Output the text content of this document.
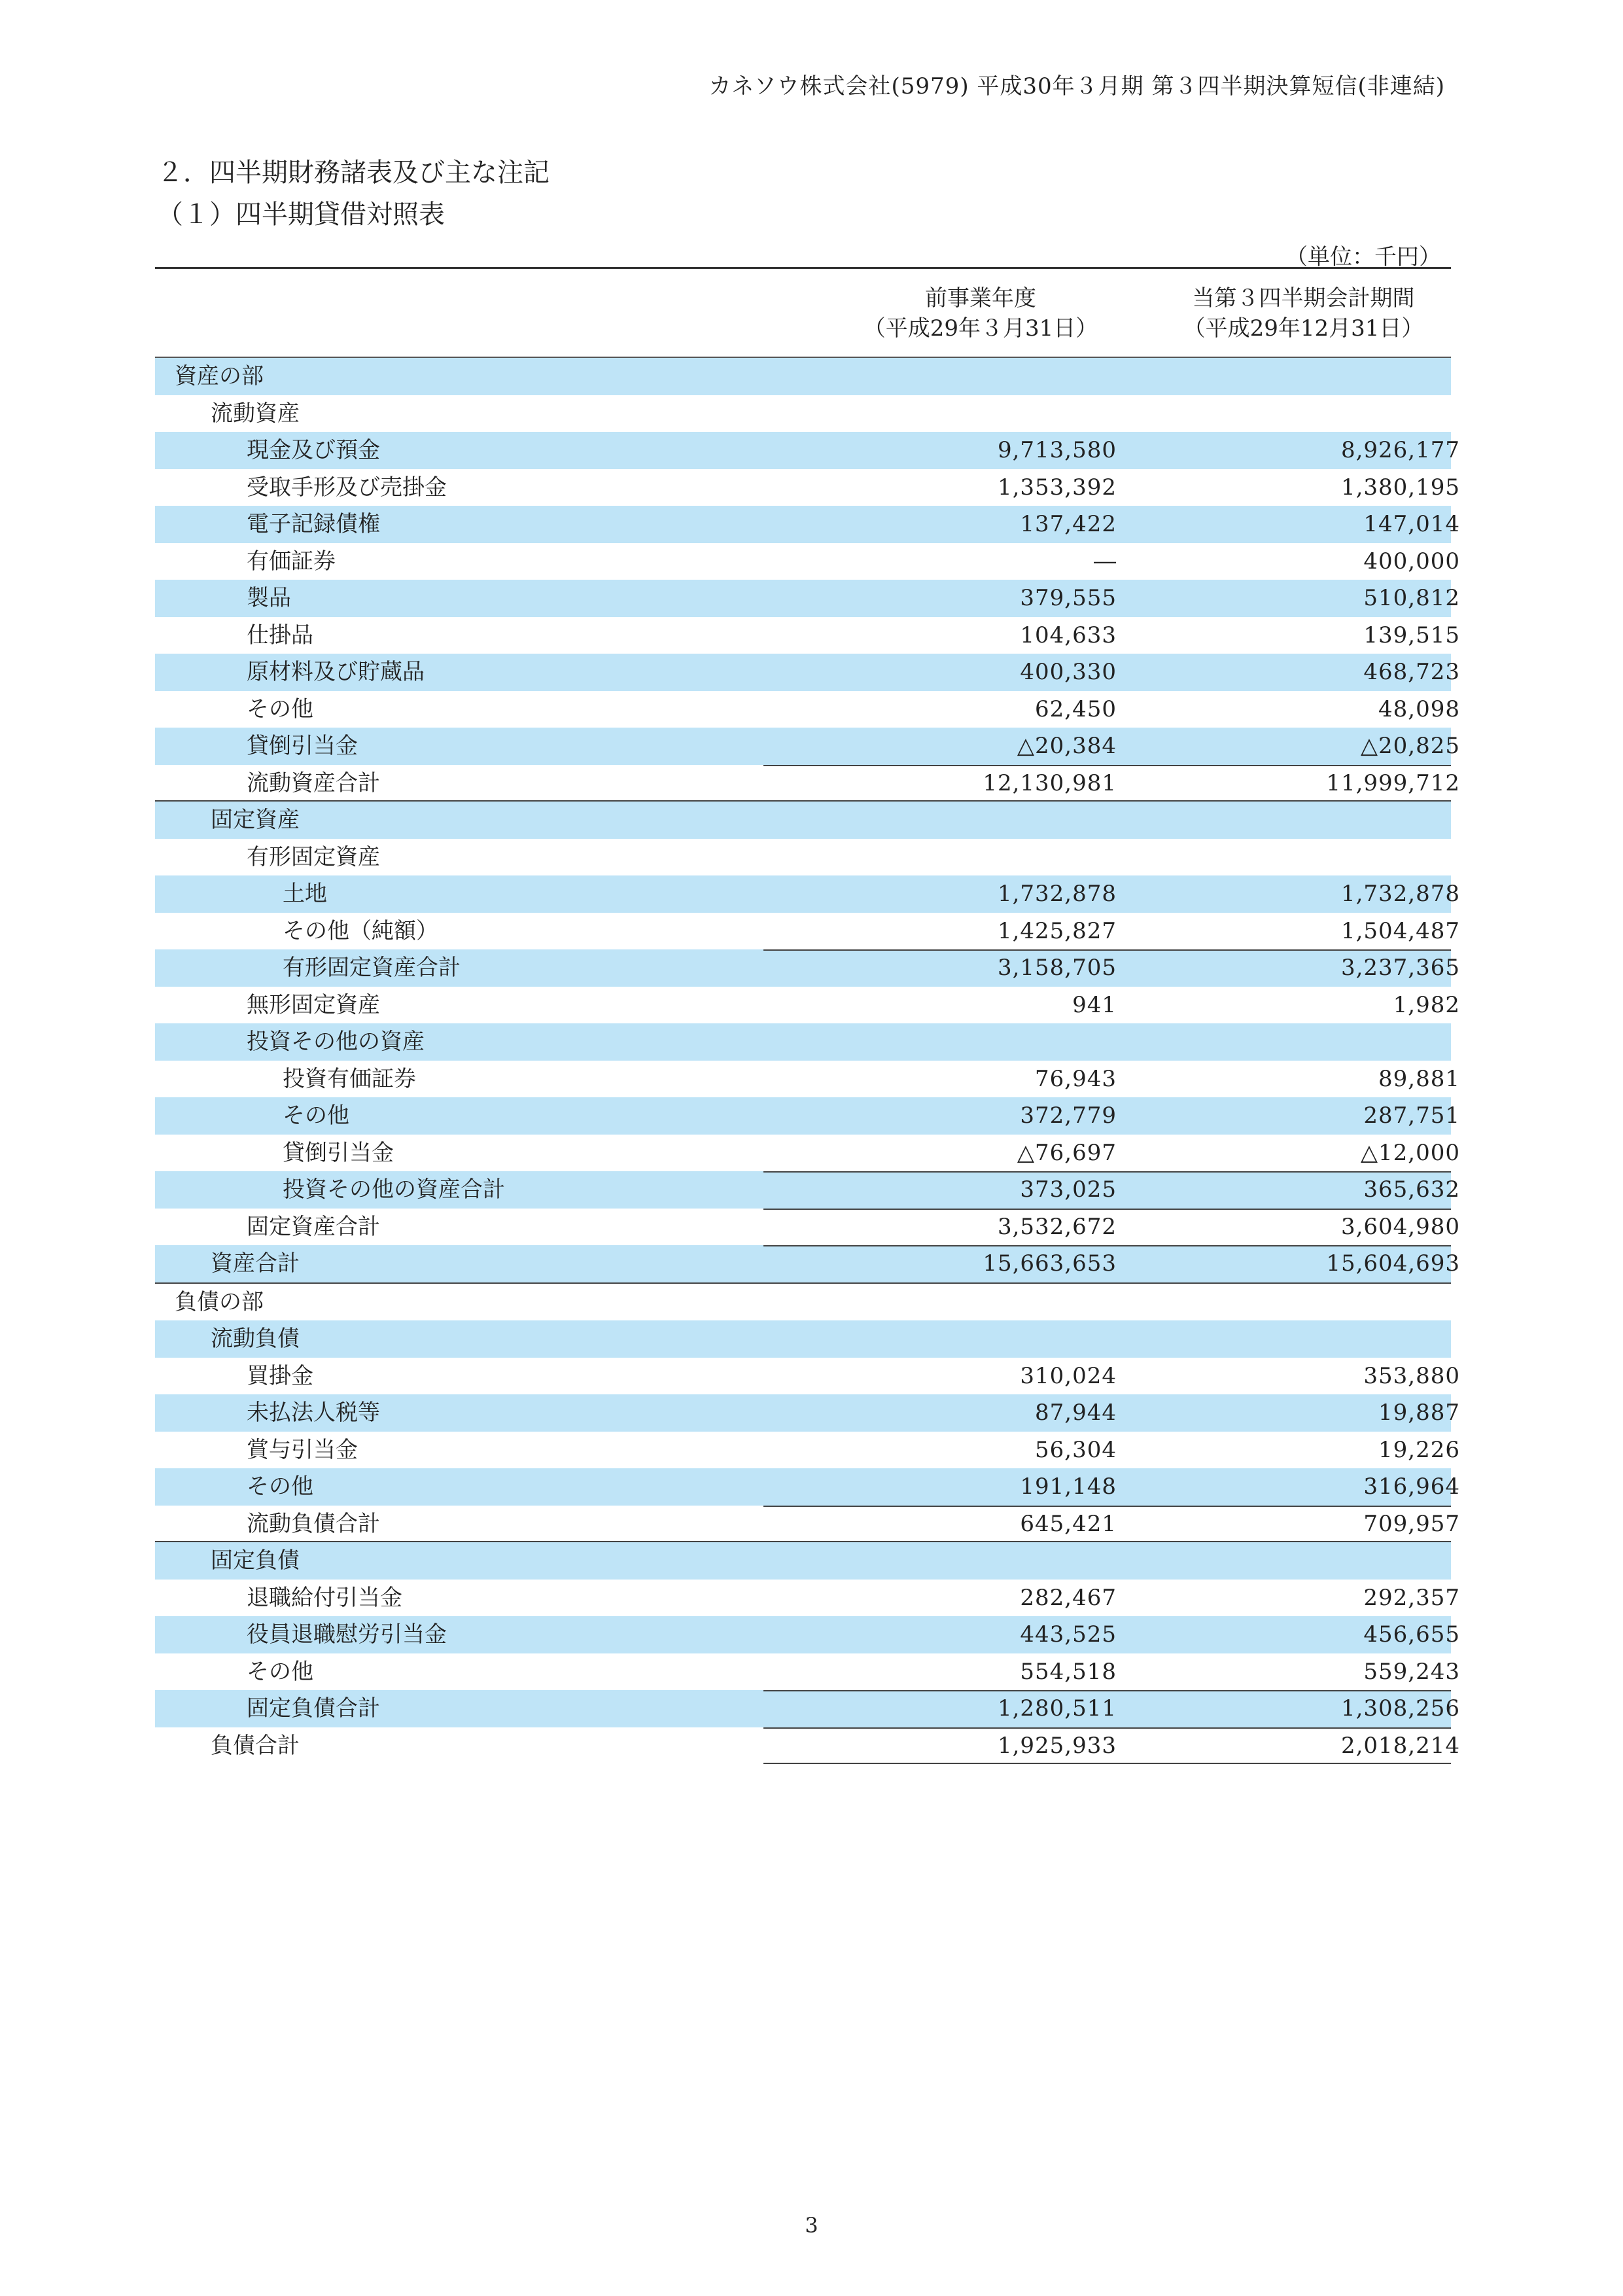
カネソウ株式会社(5979) 平成30年３月期 第３四半期決算短信(非連結)
２．四半期財務諸表及び主な注記
（１）四半期貸借対照表
（単位：千円）
前事業年度
（平成29年３月31日）
当第３四半期会計期間
（平成29年12月31日）
資産の部
流動資産
現金及び預金	9,713,580	8,926,177
受取手形及び売掛金	1,353,392	1,380,195
電子記録債権	137,422	147,014
有価証券	―	400,000
製品	379,555	510,812
仕掛品	104,633	139,515
原材料及び貯蔵品	400,330	468,723
その他	62,450	48,098
貸倒引当金	△20,384	△20,825
流動資産合計	12,130,981	11,999,712
固定資産
有形固定資産
土地	1,732,878	1,732,878
その他（純額）	1,425,827	1,504,487
有形固定資産合計	3,158,705	3,237,365
無形固定資産	941	1,982
投資その他の資産
投資有価証券	76,943	89,881
その他	372,779	287,751
貸倒引当金	△76,697	△12,000
投資その他の資産合計	373,025	365,632
固定資産合計	3,532,672	3,604,980
資産合計	15,663,653	15,604,693
負債の部
流動負債
買掛金	310,024	353,880
未払法人税等	87,944	19,887
賞与引当金	56,304	19,226
その他	191,148	316,964
流動負債合計	645,421	709,957
固定負債
退職給付引当金	282,467	292,357
役員退職慰労引当金	443,525	456,655
その他	554,518	559,243
固定負債合計	1,280,511	1,308,256
負債合計	1,925,933	2,018,214
3
